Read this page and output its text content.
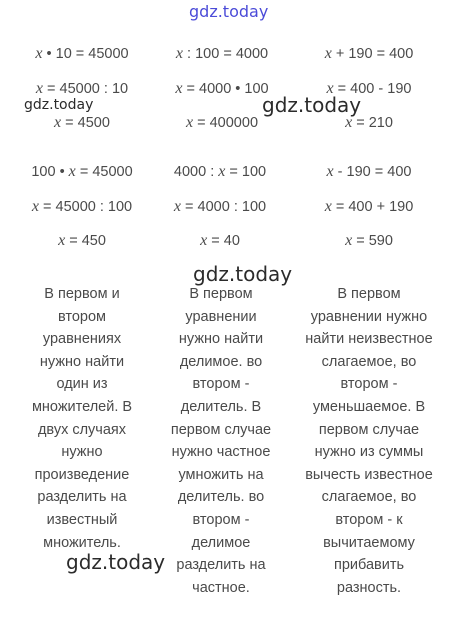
gdz.today
gdz.today	gdz.today
x • 10 = 45000
x = 45000 : 10
x = 4500
x : 100 = 4000
x = 4000 • 100
x = 400000
x + 190 = 400
x = 400 - 190
x = 210
100 • x = 45000
x = 45000 : 100
x = 450
4000 : x = 100
x = 4000 : 100
x = 40
x - 190 = 400
x = 400 + 190
x = 590
gdz.today
В первом и
втором
уравнениях
нужно найти
один из
множителей. В
двух случаях
нужно
произведение
разделить на
известный
множитель.
В первом
уравнении
нужно найти
делимое. во
втором -
делитель. В
первом случае
нужно частное
умножить на
делитель. во
втором -
делимое
разделить на
частное.
В первом
уравнении нужно
найти неизвестное
слагаемое, во
втором -
уменьшаемое. В
первом случае
нужно из суммы
вычесть известное
слагаемое, во
втором - к
вычитаемому
прибавить
разность.
gdz.today
